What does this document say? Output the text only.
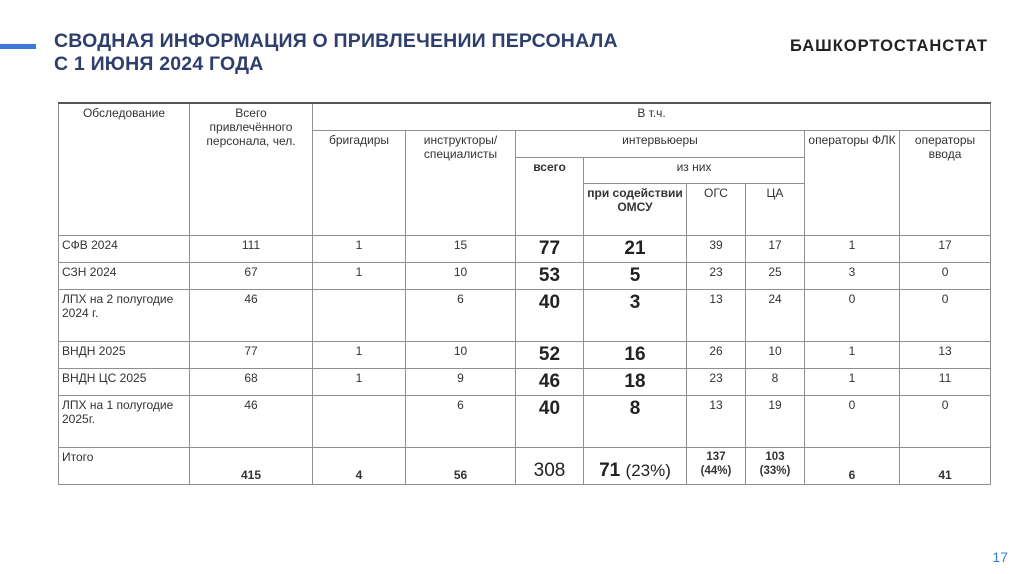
СВОДНАЯ ИНФОРМАЦИЯ О ПРИВЛЕЧЕНИИ ПЕРСОНАЛА
С 1 ИЮНЯ 2024 ГОДА
БАШКОРТОСТАНСТАТ
Обследование	Всего привлечённого персонала, чел.	В т.ч.							
		бригадиры	инструкторы/ специалисты	интервьюеры				операторы ФЛК	операторы ввода
				всего	из них				
					при содействии ОМСУ	ОГС	ЦА		
СФВ 2024	111	1	15	77	21	39	17	1	17
СЗН 2024	67	1	10	53	5	23	25	3	0
ЛПХ на 2 полугодие 2024 г.	46		6	40	3	13	24	0	0
ВНДН 2025	77	1	10	52	16	26	10	1	13
ВНДН ЦС 2025	68	1	9	46	18	23	8	1	11
ЛПХ на 1 полугодие 2025г.	46		6	40	8	13	19	0	0
Итого	415	4	56	308	71 (23%)	137 (44%)	103 (33%)	6	41
17
